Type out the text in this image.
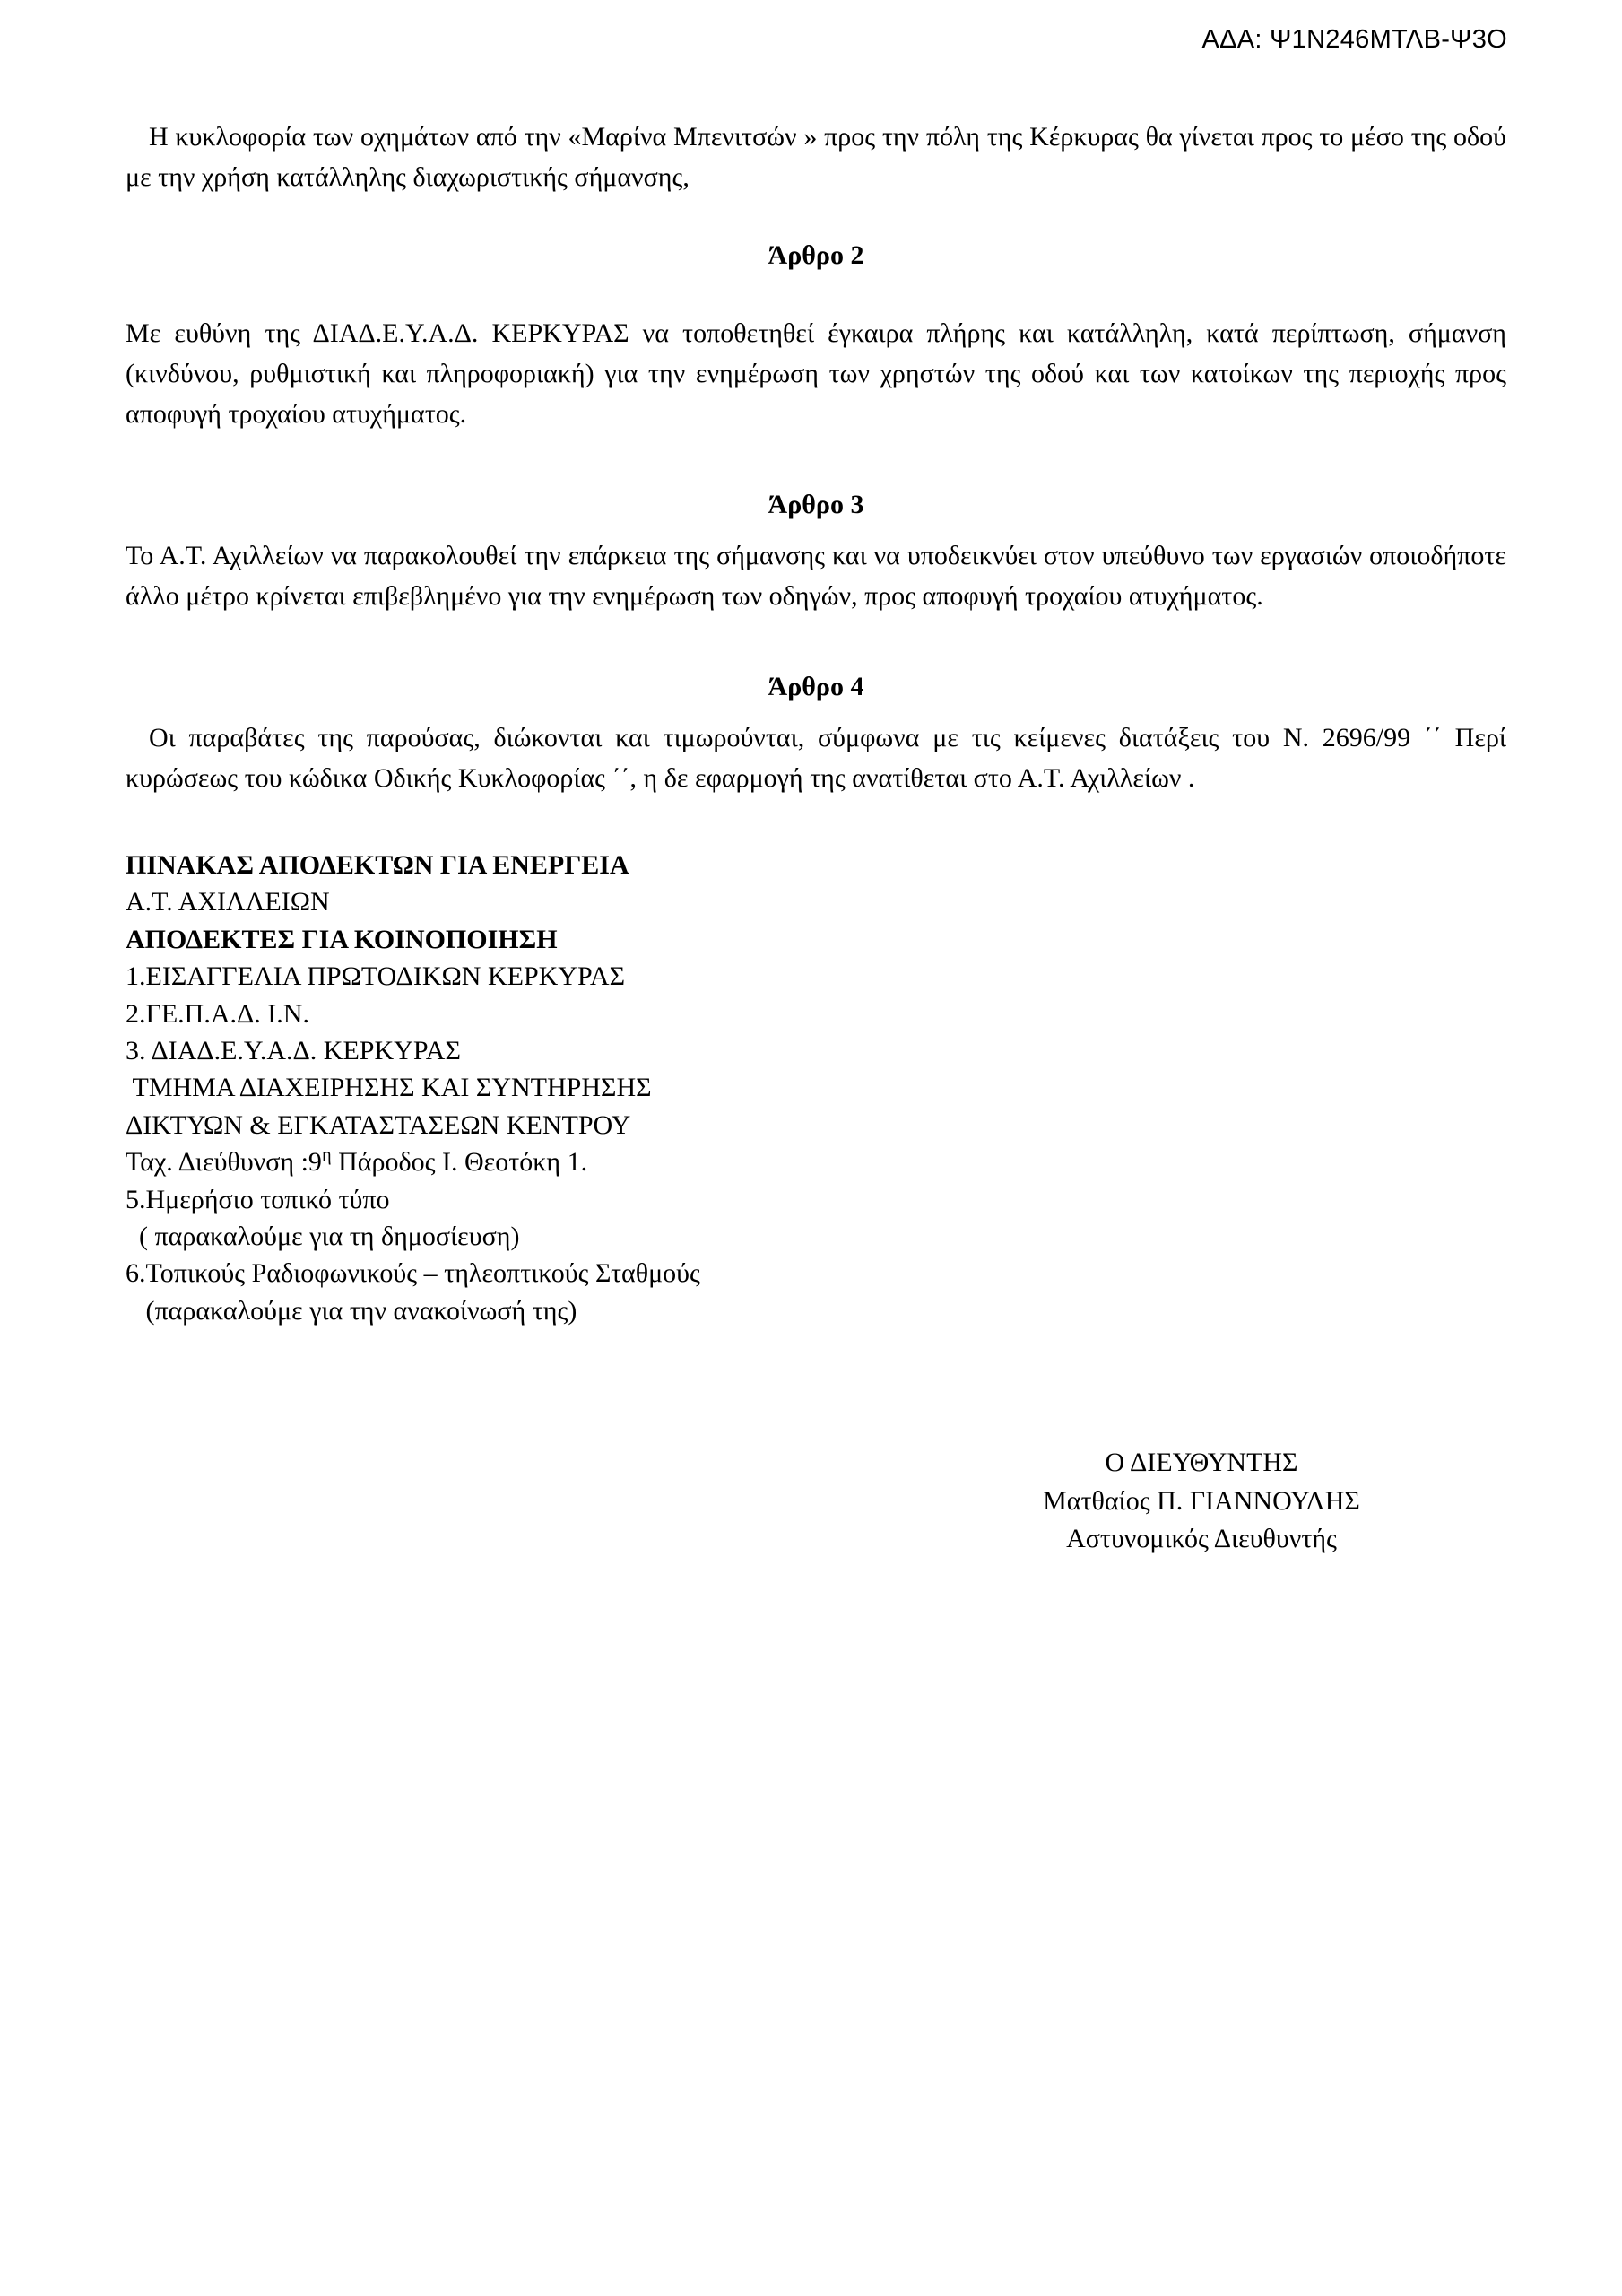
ΑΔΑ: Ψ1Ν246ΜΤΛΒ-Ψ3Ο

Η κυκλοφορία των οχημάτων από την «Μαρίνα Μπενιτσών » προς την πόλη της Κέρκυρας θα γίνεται προς το μέσο της οδού με την χρήση κατάλληλης διαχωριστικής σήμανσης,

Άρθρο 2

Με ευθύνη της ΔΙΑΔ.Ε.Υ.Α.Δ. ΚΕΡΚΥΡΑΣ να τοποθετηθεί έγκαιρα πλήρης και κατάλληλη, κατά περίπτωση, σήμανση (κινδύνου, ρυθμιστική και πληροφοριακή) για την ενημέρωση των χρηστών της οδού και των κατοίκων της περιοχής προς αποφυγή τροχαίου ατυχήματος.

Άρθρο 3

Το Α.Τ. Αχιλλείων να παρακολουθεί την επάρκεια της σήμανσης και να υποδεικνύει στον υπεύθυνο των εργασιών οποιοδήποτε άλλο μέτρο κρίνεται επιβεβλημένο για την ενημέρωση των οδηγών, προς αποφυγή τροχαίου ατυχήματος.

Άρθρο 4

Οι παραβάτες της παρούσας, διώκονται και τιμωρούνται, σύμφωνα με τις κείμενες διατάξεις του Ν. 2696/99 ΄΄ Περί κυρώσεως του κώδικα Οδικής Κυκλοφορίας ΄΄, η δε εφαρμογή της ανατίθεται στο Α.Τ. Αχιλλείων .

ΠΙΝΑΚΑΣ ΑΠΟΔΕΚΤΩΝ ΓΙΑ ΕΝΕΡΓΕΙΑ
Α.Τ. ΑΧΙΛΛΕΙΩΝ
ΑΠΟΔΕΚΤΕΣ ΓΙΑ ΚΟΙΝΟΠΟΙΗΣΗ
1.ΕΙΣΑΓΓΕΛΙΑ ΠΡΩΤΟΔΙΚΩΝ ΚΕΡΚΥΡΑΣ
2.ΓΕ.Π.Α.Δ. Ι.Ν.
3. ΔΙΑΔ.Ε.Υ.Α.Δ. ΚΕΡΚΥΡΑΣ
ΤΜΗΜΑ ΔΙΑΧΕΙΡΗΣΗΣ ΚΑΙ ΣΥΝΤΗΡΗΣΗΣ
ΔΙΚΤΥΩΝ & ΕΓΚΑΤΑΣΤΑΣΕΩΝ ΚΕΝΤΡΟΥ
Ταχ. Διεύθυνση $:9^\eta$ Πάροδος Ι. Θεοτόκη 1.
5.Ημερήσιο τοπικό τύπο
( παρακαλούμε για τη δημοσίευση)
6.Τοπικούς Ραδιοφωνικούς – τηλεοπτικούς Σταθμούς
(παρακαλούμε για την ανακοίνωσή της)
Ο ΔΙΕΥΘΥΝΤΗΣ
Ματθαίος Π. ΓΙΑΝΝΟΥΛΗΣ
Αστυνομικός Διευθυντής
